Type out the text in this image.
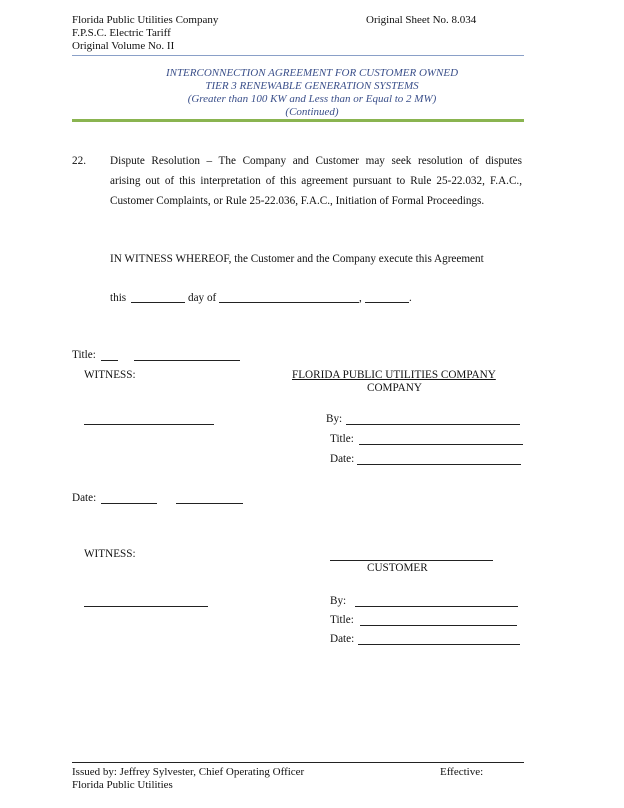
Florida Public Utilities Company
F.P.S.C. Electric Tariff
Original Volume No. II
Original Sheet No. 8.034
INTERCONNECTION AGREEMENT FOR CUSTOMER OWNED
TIER 3 RENEWABLE GENERATION SYSTEMS
(Greater than 100 KW and Less than or Equal to 2 MW)
(Continued)
22. Dispute Resolution – The Company and Customer may seek resolution of disputes
arising out of this interpretation of this agreement pursuant to Rule 25-22.032, F.A.C.,
Customer Complaints, or Rule 25-22.036, F.A.C., Initiation of Formal Proceedings.
IN WITNESS WHEREOF, the Customer and the Company execute this Agreement
this	day of	,	.
Title:
WITNESS:	FLORIDA PUBLIC UTILITIES COMPANY
COMPANY
By:
Title:
Date:
Date:
WITNESS:
CUSTOMER
By:
Title:
Date:
Issued by: Jeffrey Sylvester, Chief Operating Officer
Florida Public Utilities
Effective:
